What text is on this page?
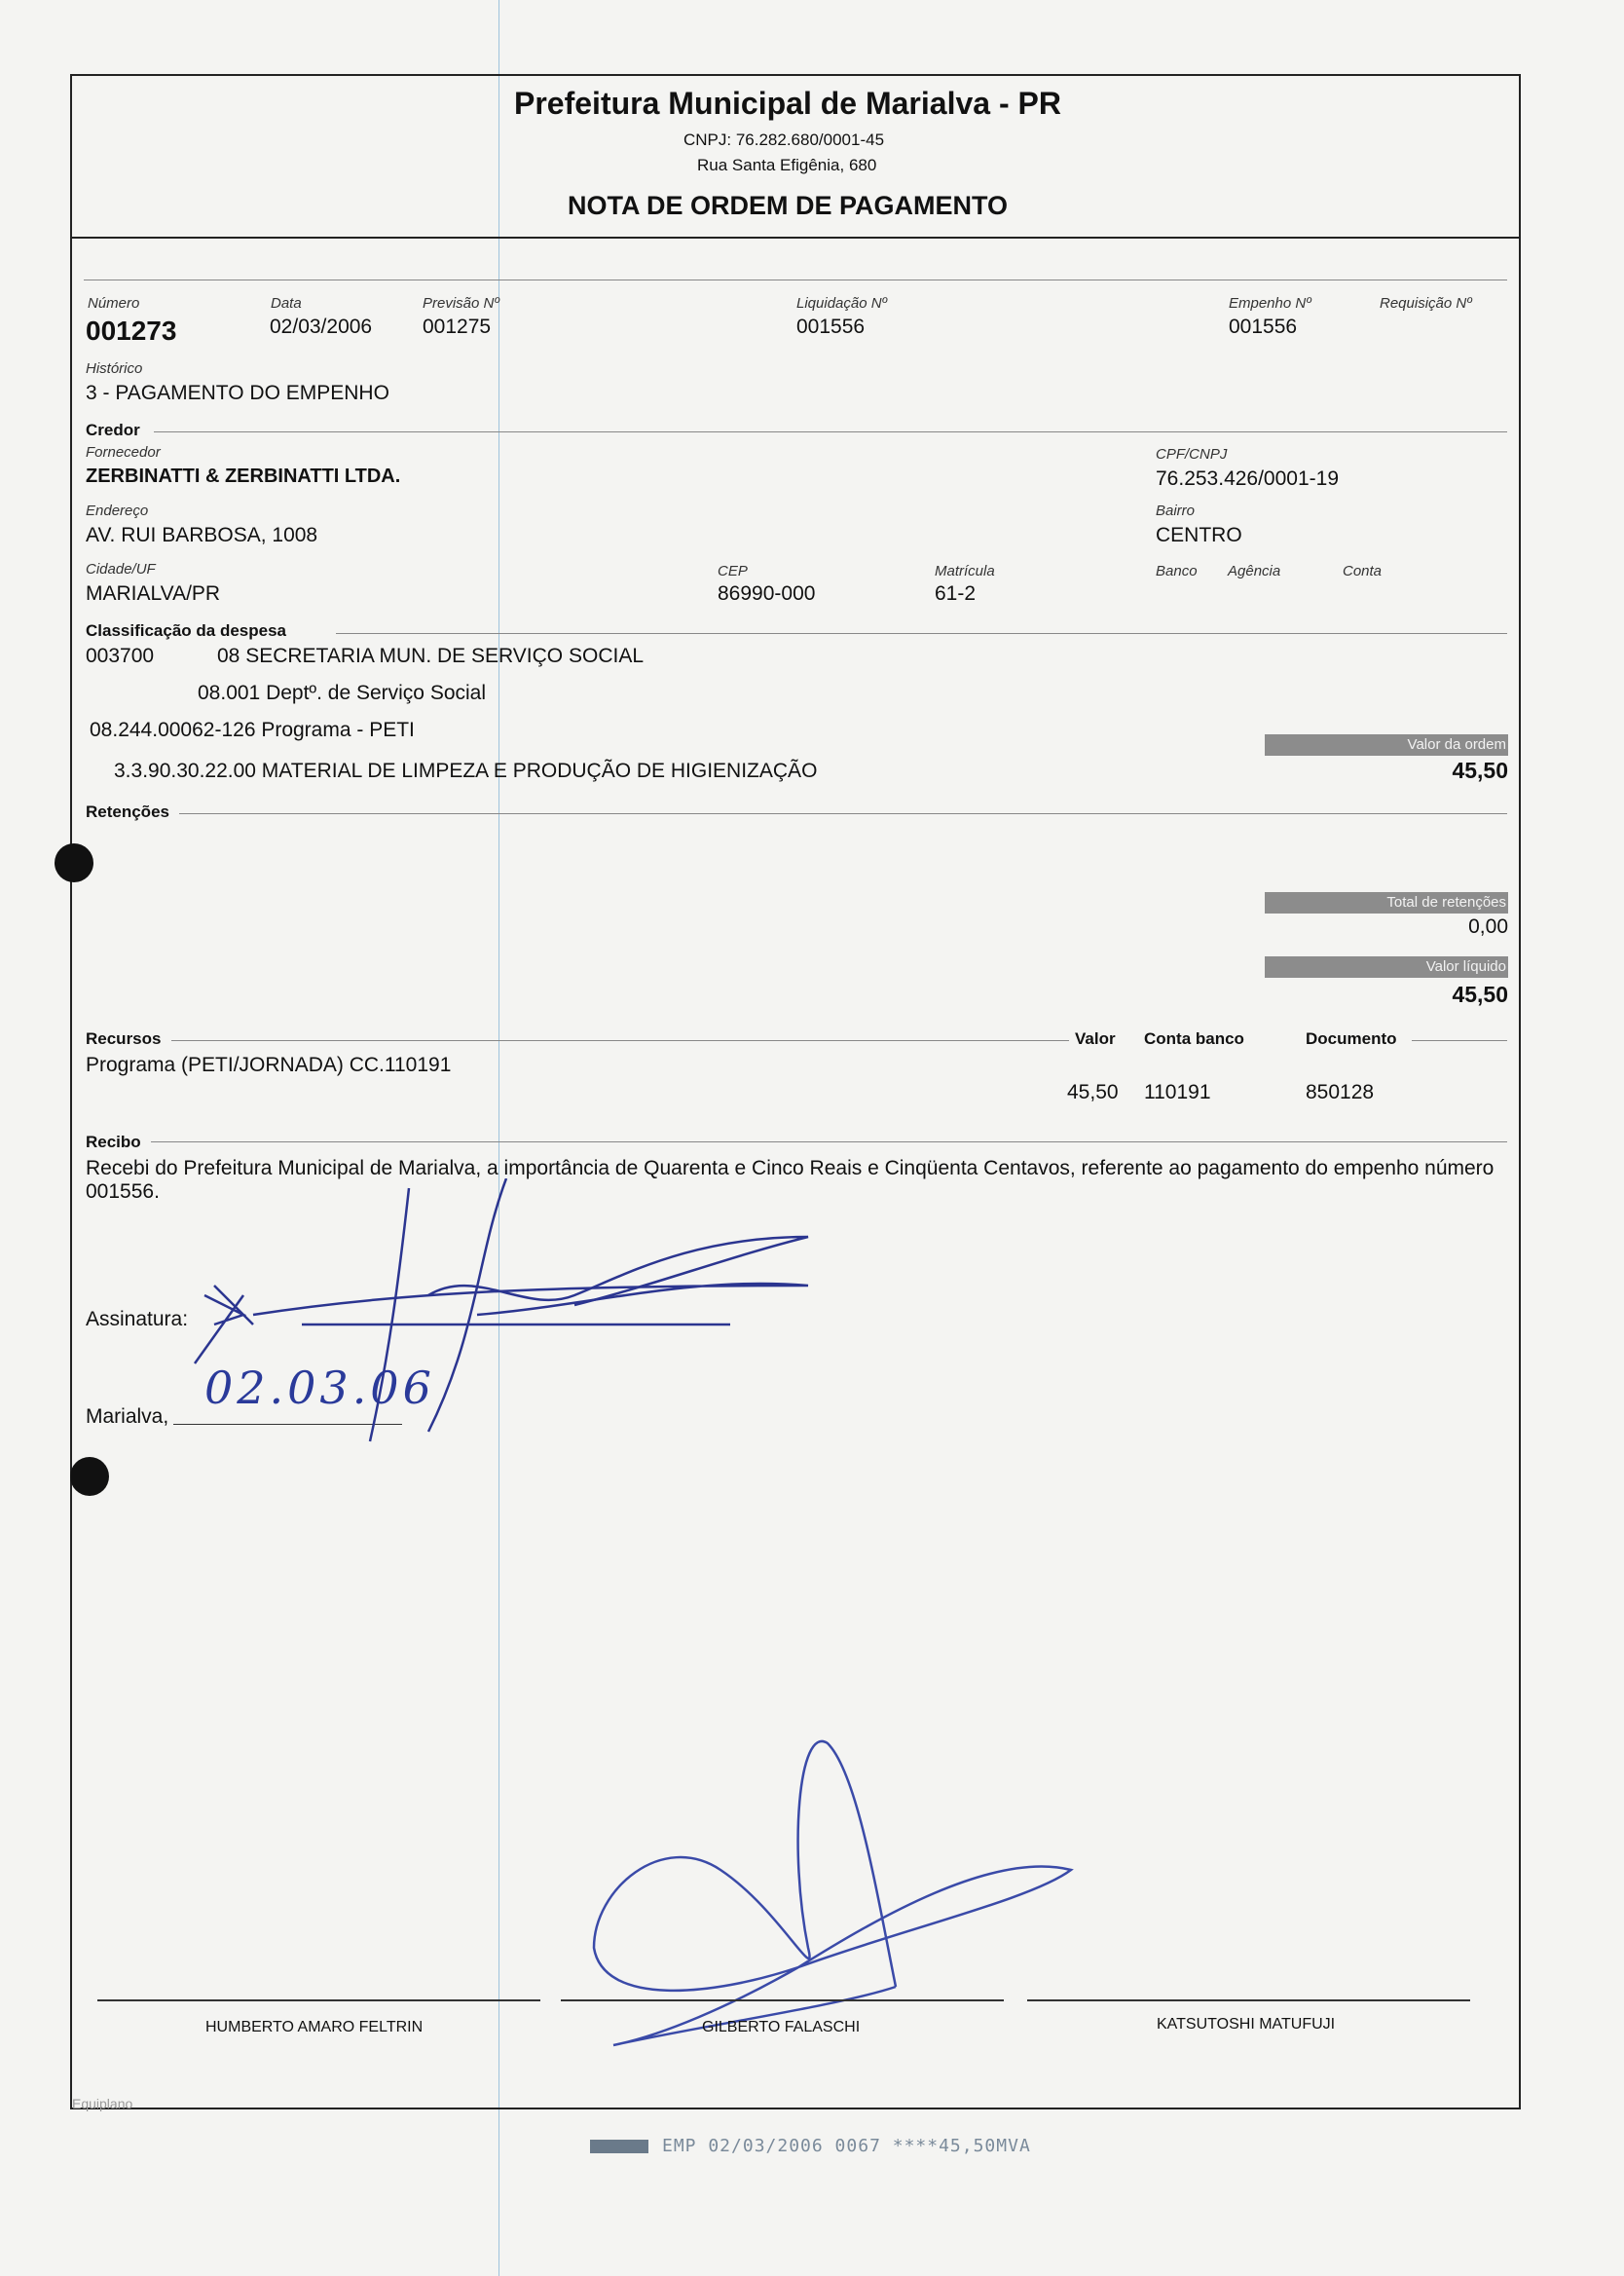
Prefeitura Municipal de Marialva - PR
CNPJ: 76.282.680/0001-45
Rua Santa Efigênia, 680
NOTA DE ORDEM DE PAGAMENTO
Número
001273
Data
02/03/2006
Previsão Nº
001275
Liquidação Nº
001556
Empenho Nº
001556
Requisição Nº
Histórico
3 - PAGAMENTO DO EMPENHO
Credor
Fornecedor
ZERBINATTI & ZERBINATTI LTDA.
CPF/CNPJ
76.253.426/0001-19
Endereço
AV. RUI BARBOSA, 1008
Bairro
CENTRO
Cidade/UF
MARIALVA/PR
CEP
86990-000
Matrícula
61-2
Banco Agência	Conta
Classificação da despesa
003700	08 SECRETARIA MUN. DE SERVIÇO SOCIAL
08.001 Deptº. de Serviço Social
08.244.00062-126 Programa - PETI
3.3.90.30.22.00 MATERIAL DE LIMPEZA E PRODUÇÃO DE HIGIENIZAÇÃO
Valor da ordem
45,50
Retenções
Total de retenções
0,00
Valor líquido
45,50
Recursos	Valor Conta banco	Documento
Programa (PETI/JORNADA) CC.110191
45,50 110191	850128
Recibo
Recebi do Prefeitura Municipal de Marialva, a importância de Quarenta e Cinco Reais e Cinqüenta Centavos, referente ao pagamento do empenho número 001556.
Assinatura:
Marialva,
02.03.06
HUMBERTO AMARO FELTRIN	GILBERTO FALASCHI	KATSUTOSHI MATUFUJI
Equiplano
EMP 02/03/2006 0067 ****45,50MVA
